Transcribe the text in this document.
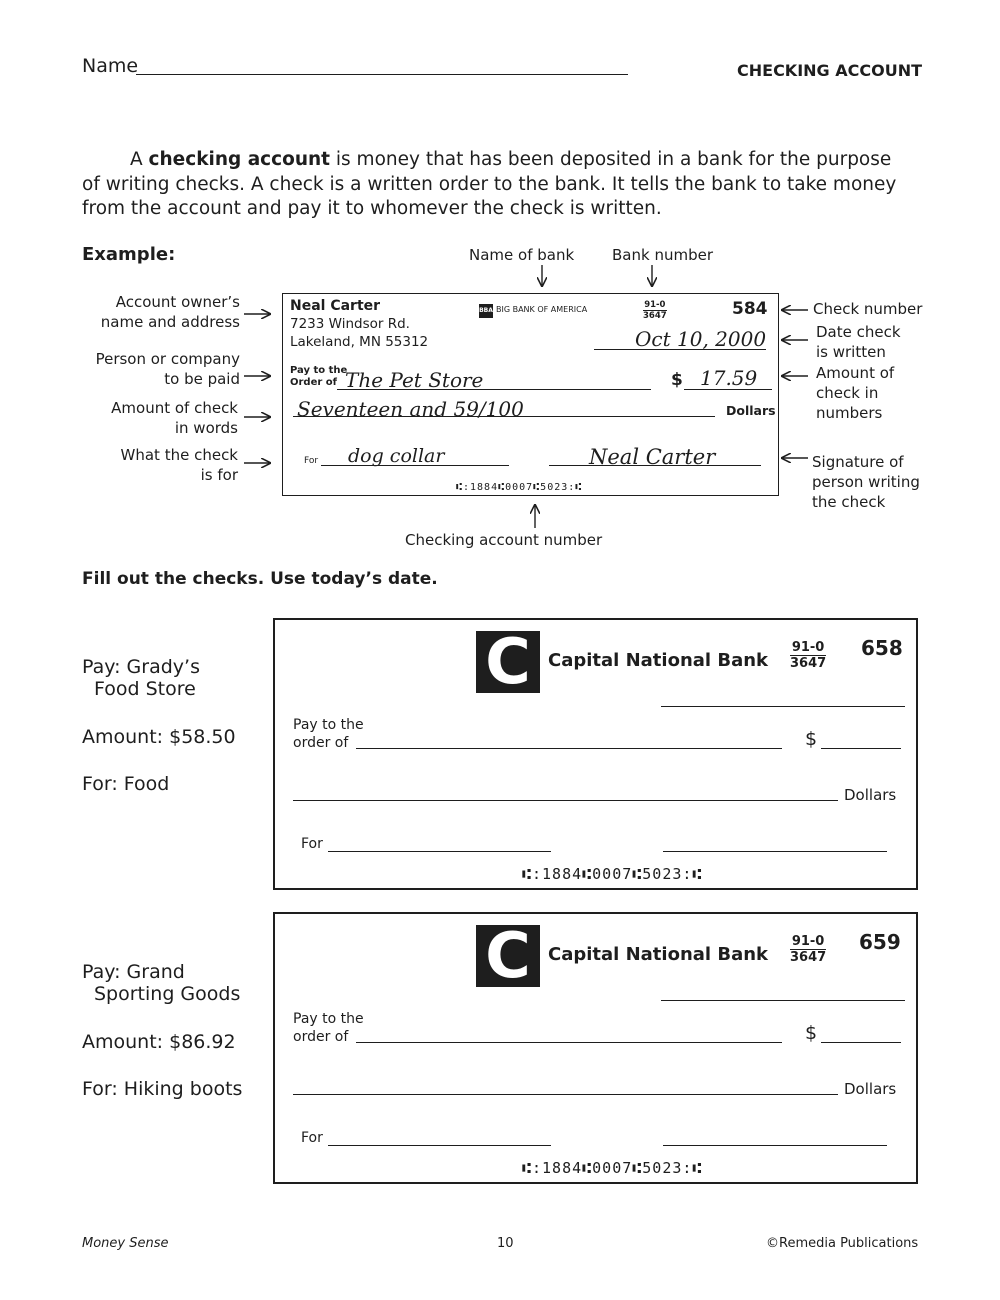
Name	CHECKING ACCOUNT
A checking account is money that has been deposited in a bank for the purpose
of writing checks. A check is a written order to the bank. It tells the bank to take money
from the account and pay it to whomever the check is written.
Example:	Name of bank	Bank number
Account owner’s
name and address
Person or company
to be paid
Amount of check
in words
What the check
is for
Check number
Date check
is written
Amount of
check in
numbers
Signature of
person writing
the check
Checking account number
Neal Carter
7233 Windsor Rd.
Lakeland, MN 55312
BBA BIG BANK OF AMERICA	91-0
3647	584
Oct 10, 2000
Pay to the
Order of The Pet Store	$ 17.59
Seventeen and 59/100	Dollars
For dog collar	Neal Carter
⑆:1884⑆0007⑆5023:⑆
Fill out the checks. Use today’s date.
Pay: Grady’s
Food Store
Amount: $58.50
For: Food
C Capital National Bank
91-0
3647
658
Pay to the
order of	$
Dollars
For
⑆:1884⑆0007⑆5023:⑆
Pay: Grand
Sporting Goods
Amount: $86.92
For: Hiking boots
C Capital National Bank
91-0
3647
659
Pay to the
order of	$
Dollars
For
⑆:1884⑆0007⑆5023:⑆
Money Sense	10	©Remedia Publications
